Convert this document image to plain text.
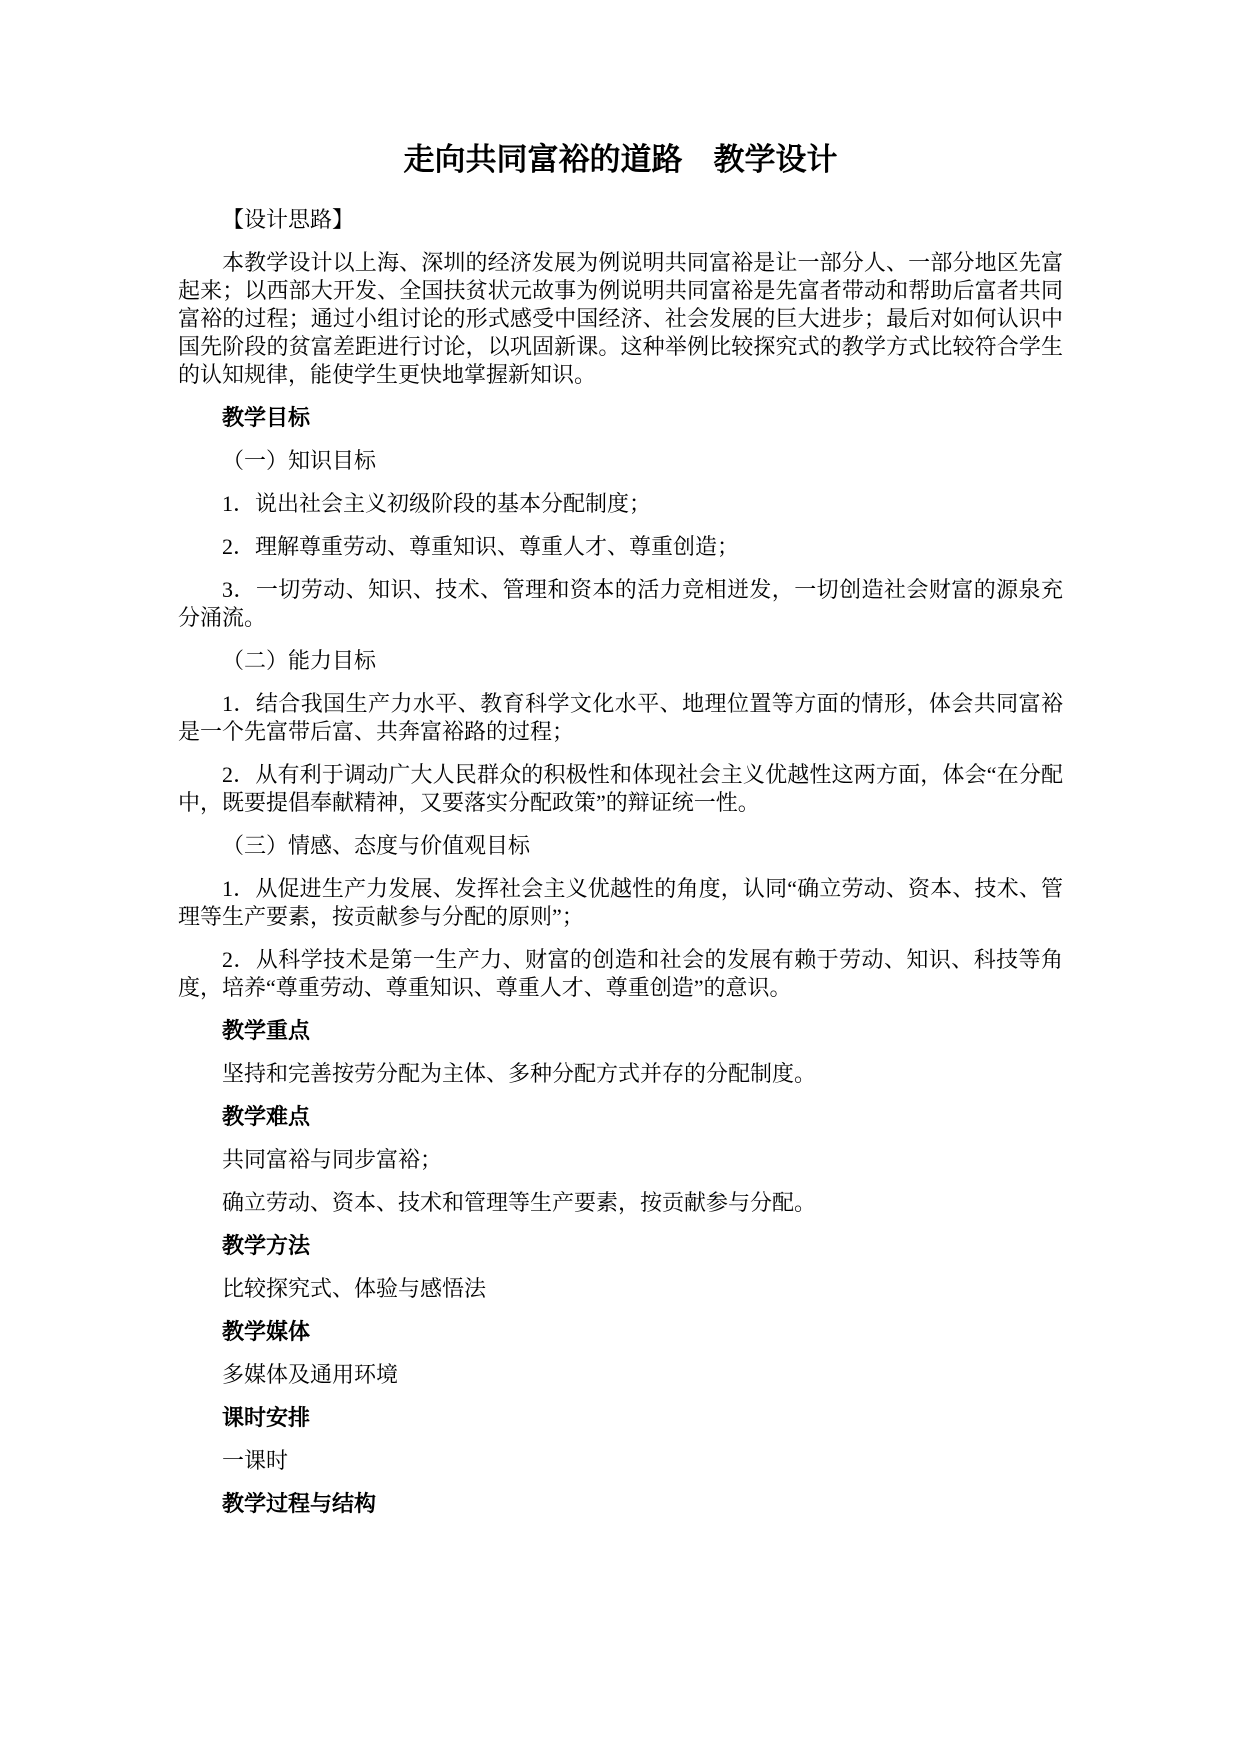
走向共同富裕的道路　教学设计

【设计思路】

本教学设计以上海、深圳的经济发展为例说明共同富裕是让一部分人、一部分地区先富起来；以西部大开发、全国扶贫状元故事为例说明共同富裕是先富者带动和帮助后富者共同富裕的过程；通过小组讨论的形式感受中国经济、社会发展的巨大进步；最后对如何认识中国先阶段的贫富差距进行讨论，以巩固新课。这种举例比较探究式的教学方式比较符合学生的认知规律，能使学生更快地掌握新知识。

教学目标

（一）知识目标

1．说出社会主义初级阶段的基本分配制度；

2．理解尊重劳动、尊重知识、尊重人才、尊重创造；

3．一切劳动、知识、技术、管理和资本的活力竞相迸发，一切创造社会财富的源泉充分涌流。

（二）能力目标

1．结合我国生产力水平、教育科学文化水平、地理位置等方面的情形，体会共同富裕是一个先富带后富、共奔富裕路的过程；

2．从有利于调动广大人民群众的积极性和体现社会主义优越性这两方面，体会“在分配中，既要提倡奉献精神，又要落实分配政策”的辩证统一性。

（三）情感、态度与价值观目标

1．从促进生产力发展、发挥社会主义优越性的角度，认同“确立劳动、资本、技术、管理等生产要素，按贡献参与分配的原则”；

2．从科学技术是第一生产力、财富的创造和社会的发展有赖于劳动、知识、科技等角度，培养“尊重劳动、尊重知识、尊重人才、尊重创造”的意识。

教学重点

坚持和完善按劳分配为主体、多种分配方式并存的分配制度。

教学难点

共同富裕与同步富裕；

确立劳动、资本、技术和管理等生产要素，按贡献参与分配。

教学方法

比较探究式、体验与感悟法

教学媒体

多媒体及通用环境

课时安排

一课时

教学过程与结构
